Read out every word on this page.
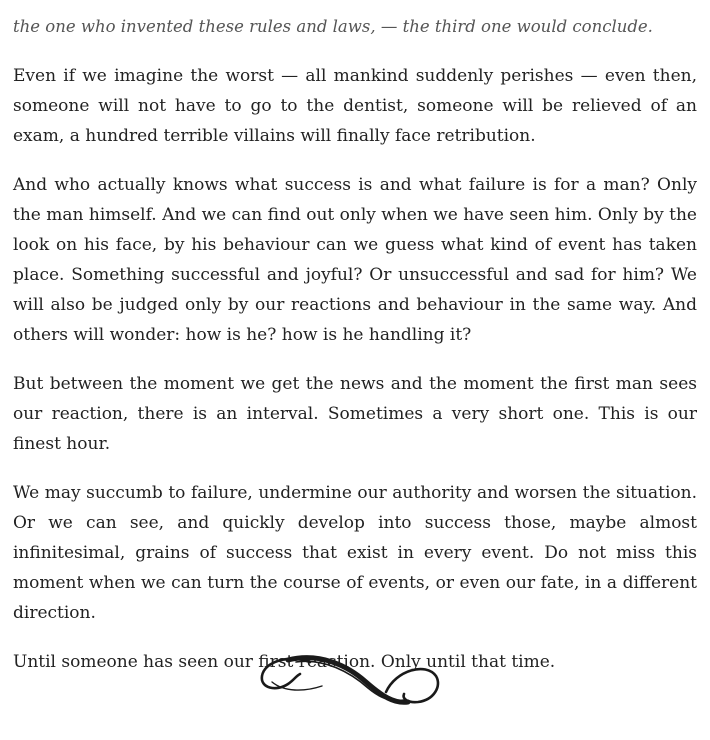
the one who invented these rules and laws, — the third one would conclude.

Even if we imagine the worst — all mankind suddenly perishes — even then, someone will not have to go to the dentist, someone will be relieved of an exam, a hundred terrible villains will finally face retribution.

And who actually knows what success is and what failure is for a man? Only the man himself. And we can find out only when we have seen him. Only by the look on his face, by his behaviour can we guess what kind of event has taken place. Something successful and joyful? Or unsuccessful and sad for him? We will also be judged only by our reactions and behaviour in the same way. And others will wonder: how is he? how is he handling it?

But between the moment we get the news and the moment the first man sees our reaction, there is an interval. Sometimes a very short one. This is our finest hour.

We may succumb to failure, undermine our authority and worsen the situation. Or we can see, and quickly develop into success those, maybe almost infinitesimal, grains of success that exist in every event. Do not miss this moment when we can turn the course of events, or even our fate, in a different direction.

Until someone has seen our first reaction. Only until that time.
